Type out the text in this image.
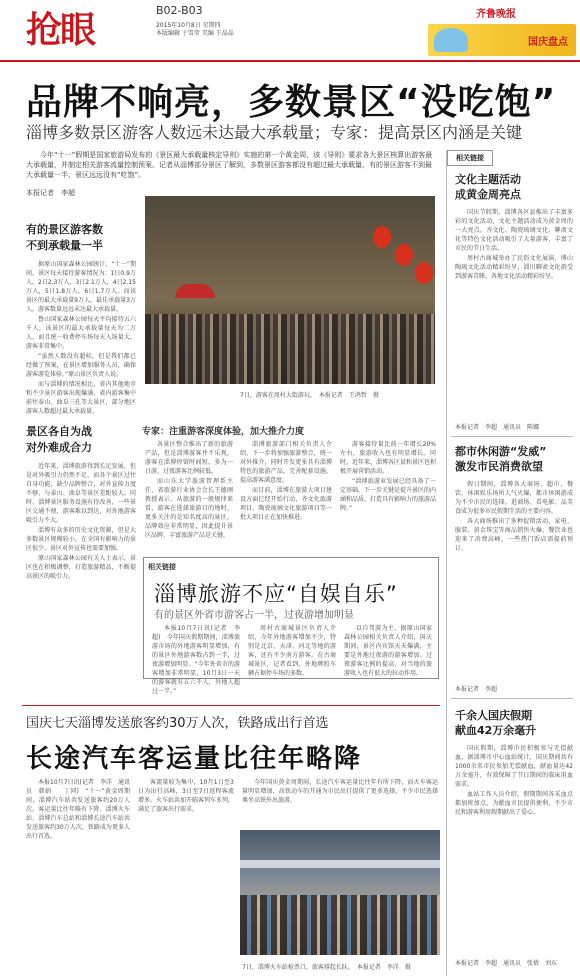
抢眼	B02-B03
2015年10月8日 星期四
本版编辑 于雪莹 美编 王晶晶
齐鲁晚报
国庆盘点
品牌不响亮，多数景区“没吃饱”
淄博多数景区游客人数远未达最大承载量；专家：提高景区内涵是关键

今年“十一”假期是国家旅游局发布的《景区最大承载量核定导则》实施的第一个黄金周，该《导则》要求各大景区核算出游客最大承载量，并制定相关游客流量控制预案。记者从淄博部分景区了解到，多数景区游客都没有超过最大承载量，有的景区游客不到最大承载量一半，景区远远没有“吃饱”。

本报记者　李超

有的景区游客数
不到承载量一半

据原山国家森林公园统计，“十一”期间，景区每天接待游客情况为：1日0.9万人，2日2.3万人，3日2.1万人，4日2.15万人，5日1.8万人，6日1.7万人。而该景区的最大承载量9万人，最佳承载量3万人，游客数量远远未达最大承载量。

鲁山国家森林公园每天平均接待五六千人，该景区的最大承载量每天为二万人，而且统一收费停车场每天入场量大，游客非常集中。

“虽然人数没有超标，但是我们都已经做了预案，在景区增加服务人员，确保游客游览体验。”原山景区负责人说。

而与淄博的情况相比，省内其他地市和不少景区游客出现爆满，省内游客集中前往泰山、曲阜三孔等大景区，部分地区游客人数超过最大承载量。

景区各自为战
对外难成合力

近年来，淄博旅游得到长足发展，但是对外吸引力仍然不足，而各个景区过往自身功能，缺少品牌整合，对外宣传力度不够，与泰山、曲阜等景区差距较大。同时，淄博景区服务设施有待改善，一些景区交通不便，游客难以到达，对外地游客吸引力不大。

淄博有众多的历史文化资源，但是大多数景区规模较小，在全国有影响力的景区很少，景区对外宣传也需要加强。

原山国家森林公园有关人士表示，景区也在积极调整，打造旅游精品，不断提高景区的吸引力。

7日，游客在周村大街游玩。　本报记者　王鸿哲　摄
专家：注重游客深度体验，加大推介力度

各景区整合推出了新的旅游产品，但是淄博游客并不乐观，游客在淄博停留时间短，多为一日游，过夜游客比例较低。

而山东大学旅游管理系主任、省旅游行业协会会长王德刚教授表示，从旅游的一般规律来看，游客在选择旅游目的地时，更多关注的是知名度高的景区，品牌效应非常明显，因此提升景区品牌、丰富旅游产品是关键。

淄博旅游部门相关负责人介绍，下一步将加强旅游整合，统一对外推介，同时开发更多具有淄博特色的旅游产品，完善配套设施，提高游客满意度。

而目前，淄博在旅游大项目建设方面已经开始行动，齐文化旅游项目、陶瓷琉璃文化旅游项目等一批大项目正在加快推进。

游客接待量比前一年增长20%左右，旅游收入也有明显增长。同时，近年来，淄博各区县和景区也积极开展营销活动。

“淄博旅游业发展已经具备了一定基础，下一步关键是提升景区的内涵和品质，打造具有影响力的旅游品牌。”

相关链接
淄博旅游不应“自娱自乐”
有的景区外省市游客占一半，过夜游增加明显
本报10月7日讯(记者　李超)　今年国庆假期期间，淄博旅游市场的外地游客明显增加，有的景区外地游客数占到一半，过夜游增加明显。“今年外省市的游客增加非常明显，10月3日一天的游客就有五六千人，外地人超过一半。”
周村古商城景区负责人介绍，今年外地游客增加不少，特别是北京、天津、河北等地的游客，还有不少南方游客。在古商城景区，记者看到，外地牌照车辆占据停车场的多数。
以自驾游为主，据原山国家森林公园相关负责人介绍，国庆期间，景区内宾馆天天爆满，主要是外地过夜游的游客增加。过夜游客比例的提高，对当地的旅游收入也有很大的拉动作用。
国庆七天淄博发送旅客约30万人次，铁路成出行首选
长途汽车客运量比往年略降
本报10月7日讯(记者　李洋　通讯员　韩娟　　丁同)　“十一”黄金周期间，淄博汽车站共发送旅客约20万人次，客运量比往年略有下降。淄博火车站、淄博汽车总站和淄博长途汽车站共发送旅客约30万人次，铁路成为更多人出行首选。
客流量较为集中，10月1日至3日为出行高峰，3日至7日返程客流增多。火车站共加开临客列车多列，满足了旅客出行需求。
今年国庆黄金周期间，长途汽车客运量比往年有所下降，而火车客运量明显增加，高铁动车的开通为市民出行提供了更多选择，不少市民选择乘坐高铁外出旅游。
7日，淄博火车站检票口，旅客排起长队。　本报记者　李洋　摄
相关链接
文化主题活动
成黄金周亮点

国庆节假期，淄博各区县推出了丰富多彩的文化活动，文化主题活动成为黄金周的一大亮点。齐文化、陶瓷琉璃文化、聊斋文化等特色文化活动吸引了大量游客，丰富了市民的节日生活。

周村古商城举办了民俗文化展演，博山陶琉文化活动精彩纷呈，淄川聊斋文化游受到游客青睐，各地文化活动精彩纷呈。

本报记者　李超　通讯员　陈娜
都市休闲游“发威”
激发市民消费欲望

假日期间，淄博各大商场、超市、餐饮、休闲娱乐场所人气火爆，都市休闲游成为不少市民的选择。逛商场、看电影、品美食成为很多市民假期生活的主要内容。

各大商场推出了多种促销活动，家电、服装、黄金珠宝等商品销售火爆，餐饮业也迎来了消费高峰，一些热门饭店需提前预订。

本报记者　李超
千余人国庆假期
献血42万余毫升

国庆假期，淄博市民积极参与无偿献血，据淄博市中心血站统计，国庆期间共有1000余名市民参加无偿献血，献血量达42万余毫升，有效保障了节日期间的临床用血需求。

血站工作人员介绍，假期期间各采血点都加班加点，为献血市民提供便利，不少市民和游客利用假期献出了爱心。

本报记者　李超　通讯员　张倩　刘东
